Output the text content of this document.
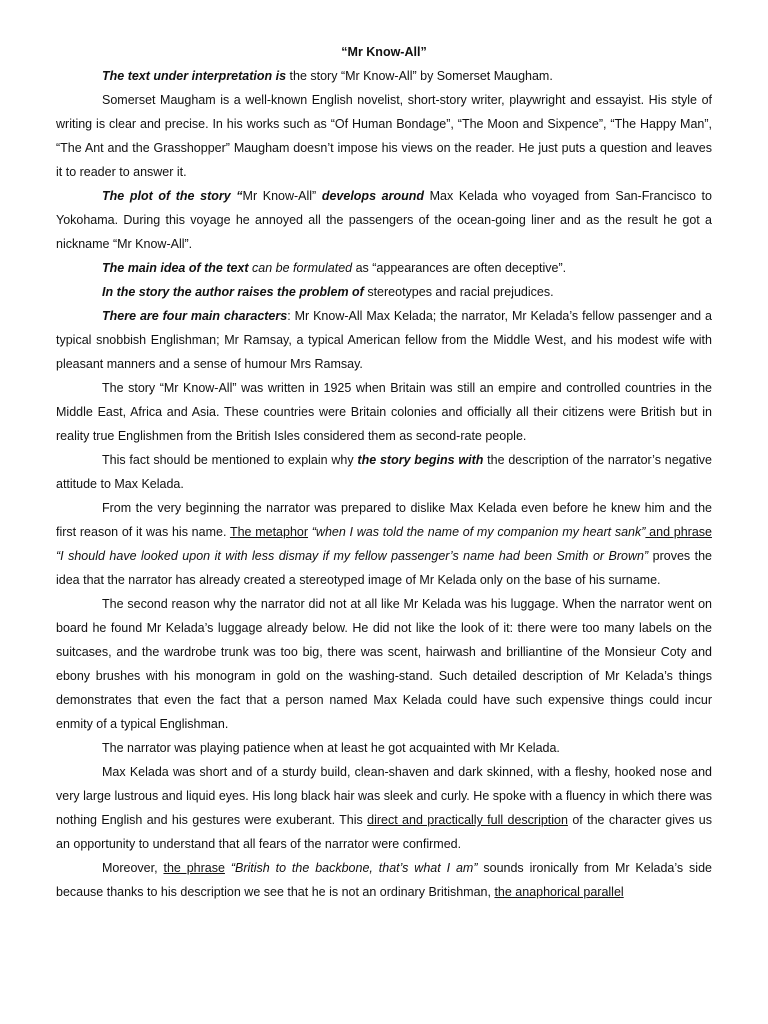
“Mr Know-All”

The text under interpretation is the story “Mr Know-All” by Somerset Maugham.

Somerset Maugham is a well-known English novelist, short-story writer, playwright and essayist. His style of writing is clear and precise. In his works such as “Of Human Bondage”, “The Moon and Sixpence”, “The Happy Man”, “The Ant and the Grasshopper” Maugham doesn’t impose his views on the reader. He just puts a question and leaves it to reader to answer it.

The plot of the story “Mr Know-All” develops around Max Kelada who voyaged from San-Francisco to Yokohama. During this voyage he annoyed all the passengers of the ocean-going liner and as the result he got a nickname “Mr Know-All”.

The main idea of the text can be formulated as “appearances are often deceptive”.

In the story the author raises the problem of stereotypes and racial prejudices.

There are four main characters: Mr Know-All Max Kelada; the narrator, Mr Kelada’s fellow passenger and a typical snobbish Englishman; Mr Ramsay, a typical American fellow from the Middle West, and his modest wife with pleasant manners and a sense of humour Mrs Ramsay.

The story “Mr Know-All” was written in 1925 when Britain was still an empire and controlled countries in the Middle East, Africa and Asia. These countries were Britain colonies and officially all their citizens were British but in reality true Englishmen from the British Isles considered them as second-rate people.

This fact should be mentioned to explain why the story begins with the description of the narrator’s negative attitude to Max Kelada.

From the very beginning the narrator was prepared to dislike Max Kelada even before he knew him and the first reason of it was his name. The metaphor “when I was told the name of my companion my heart sank” and phrase “I should have looked upon it with less dismay if my fellow passenger’s name had been Smith or Brown” proves the idea that the narrator has already created a stereotyped image of Mr Kelada only on the base of his surname.

The second reason why the narrator did not at all like Mr Kelada was his luggage. When the narrator went on board he found Mr Kelada’s luggage already below. He did not like the look of it: there were too many labels on the suitcases, and the wardrobe trunk was too big, there was scent, hairwash and brilliantine of the Monsieur Coty and ebony brushes with his monogram in gold on the washing-stand. Such detailed description of Mr Kelada’s things demonstrates that even the fact that a person named Max Kelada could have such expensive things could incur enmity of a typical Englishman.

The narrator was playing patience when at least he got acquainted with Mr Kelada.

Max Kelada was short and of a sturdy build, clean-shaven and dark skinned, with a fleshy, hooked nose and very large lustrous and liquid eyes. His long black hair was sleek and curly. He spoke with a fluency in which there was nothing English and his gestures were exuberant. This direct and practically full description of the character gives us an opportunity to understand that all fears of the narrator were confirmed.

Moreover, the phrase “British to the backbone, that’s what I am” sounds ironically from Mr Kelada’s side because thanks to his description we see that he is not an ordinary Britishman, the anaphorical parallel
